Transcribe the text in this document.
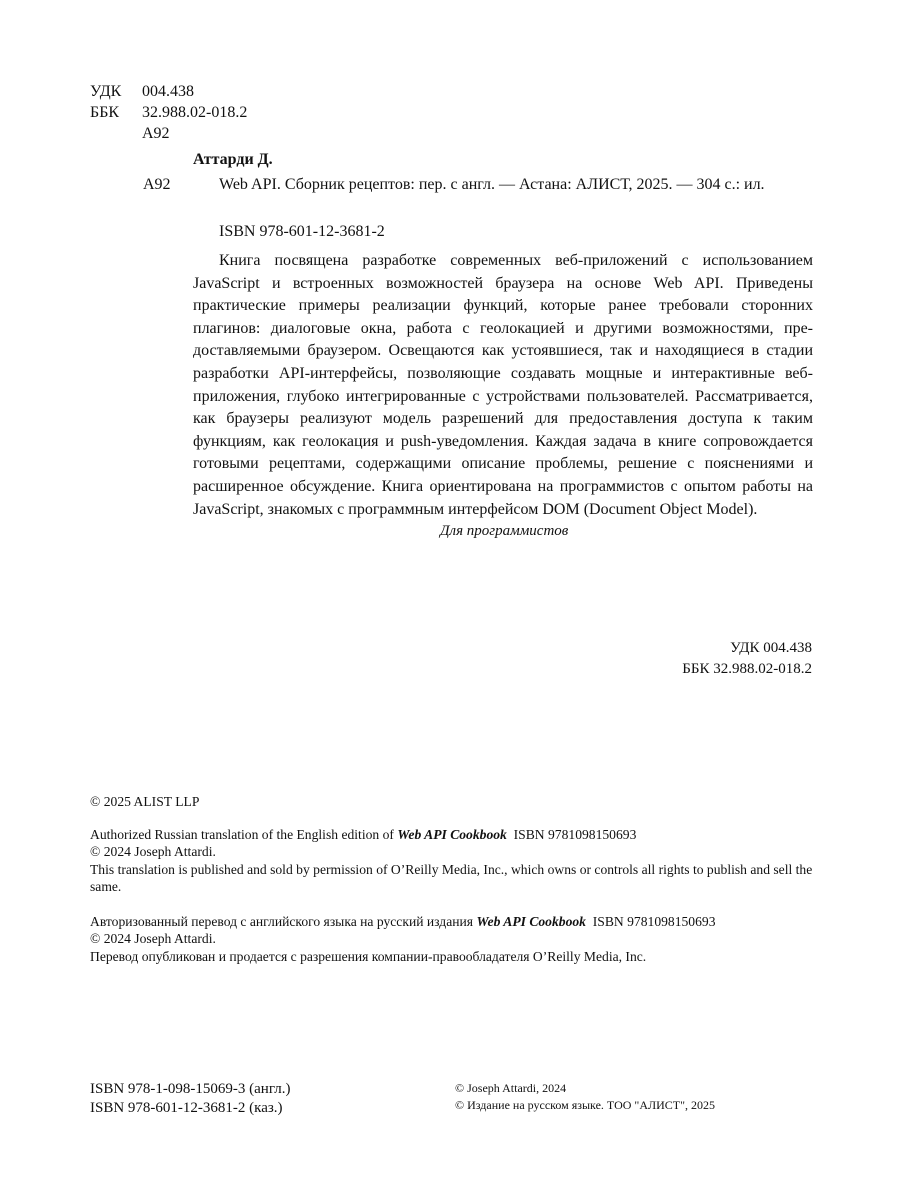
УДК 004.438
ББК 32.988.02-018.2
А92
Аттарди Д.
А92	Web API. Сборник рецептов: пер. с англ. — Астана: АЛИСТ, 2025. — 304 с.: ил.
ISBN 978-601-12-3681-2
Книга посвящена разработке современных веб-приложений с использованием JavaScript и встроенных возможностей браузера на основе Web API. Приведены практические примеры реализации функций, которые ранее требовали сторонних плагинов: диалоговые окна, работа с геолокацией и другими возможностями, предоставляемыми браузером. Освещаются как устоявшиеся, так и находящиеся в стадии разработки API-интерфейсы, позволяющие создавать мощные и интерактивные веб-приложения, глубоко интегрированные с устройствами пользователей. Рассматривается, как браузеры реализуют модель разрешений для предоставления доступа к таким функциям, как геолокация и push-уведомления. Каждая задача в книге сопровождается готовыми рецептами, содержащими описание проблемы, решение с пояснениями и расширенное обсуждение. Книга ориентирована на программистов с опытом работы на JavaScript, знакомых с программным интерфейсом DOM (Document Object Model).
Для программистов
УДК 004.438
ББК 32.988.02-018.2
© 2025 ALIST LLP
Authorized Russian translation of the English edition of Web API Cookbook  ISBN 9781098150693
© 2024 Joseph Attardi.
This translation is published and sold by permission of O’Reilly Media, Inc., which owns or controls all rights to publish and sell the same.
Авторизованный перевод с английского языка на русский издания Web API Cookbook  ISBN 9781098150693
© 2024 Joseph Attardi.
Перевод опубликован и продается с разрешения компании-правообладателя O’Reilly Media, Inc.
ISBN 978-1-098-15069-3 (англ.)
ISBN 978-601-12-3681-2 (каз.)
© Joseph Attardi, 2024
© Издание на русском языке. ТОО "АЛИСТ", 2025
